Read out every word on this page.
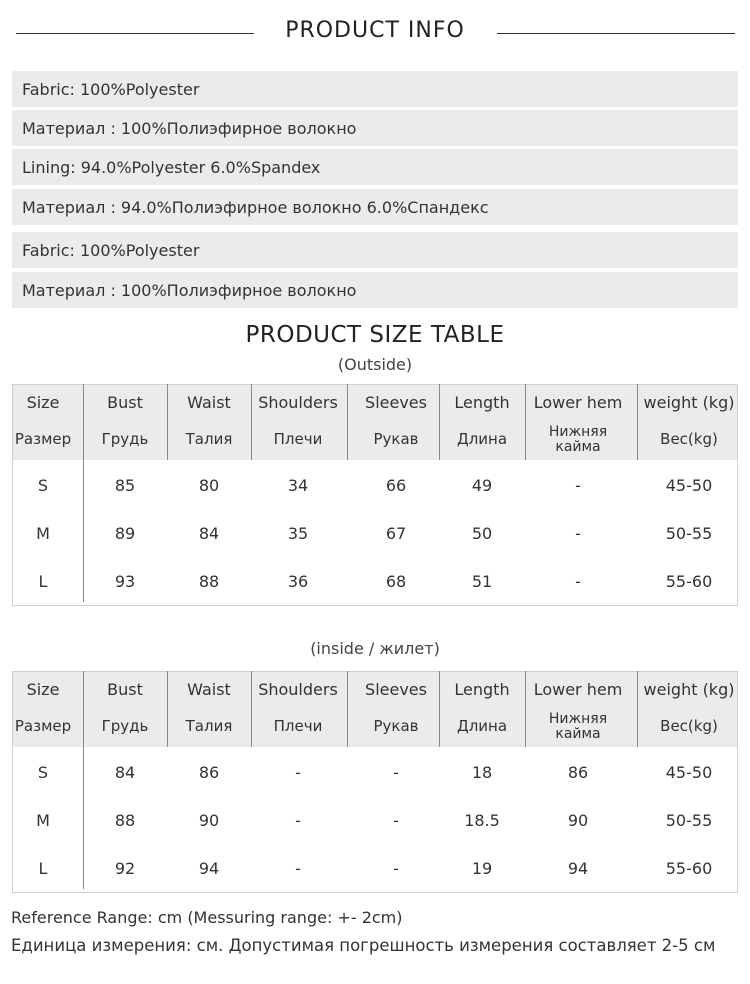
PRODUCT INFO
Fabric: 100%Polyester
Материал : 100%Полиэфирное волокно
Lining: 94.0%Polyester 6.0%Spandex
Материал : 94.0%Полиэфирное волокно 6.0%Спандекс
Fabric: 100%Polyester
Материал : 100%Полиэфирное волокно
PRODUCT SIZE TABLE
(Outside)
Size	Bust	Waist	Shoulders	Sleeves	Length	Lower hem	weight (kg)
Размер	Грудь	Талия	Плечи	Рукав	Длина	Нижняя кайма	Вес(kg)
S	85	80	34	66	49	-	45-50
M	89	84	35	67	50	-	50-55
L	93	88	36	68	51	-	55-60
(inside / жилет)
Size	Bust	Waist	Shoulders	Sleeves	Length	Lower hem	weight (kg)
Размер	Грудь	Талия	Плечи	Рукав	Длина	Нижняя кайма	Вес(kg)
S	84	86	-	-	18	86	45-50
M	88	90	-	-	18.5	90	50-55
L	92	94	-	-	19	94	55-60
Reference Range: cm (Messuring range: +- 2cm)
Единица измерения: см. Допустимая погрешность измерения составляет 2-5 см
